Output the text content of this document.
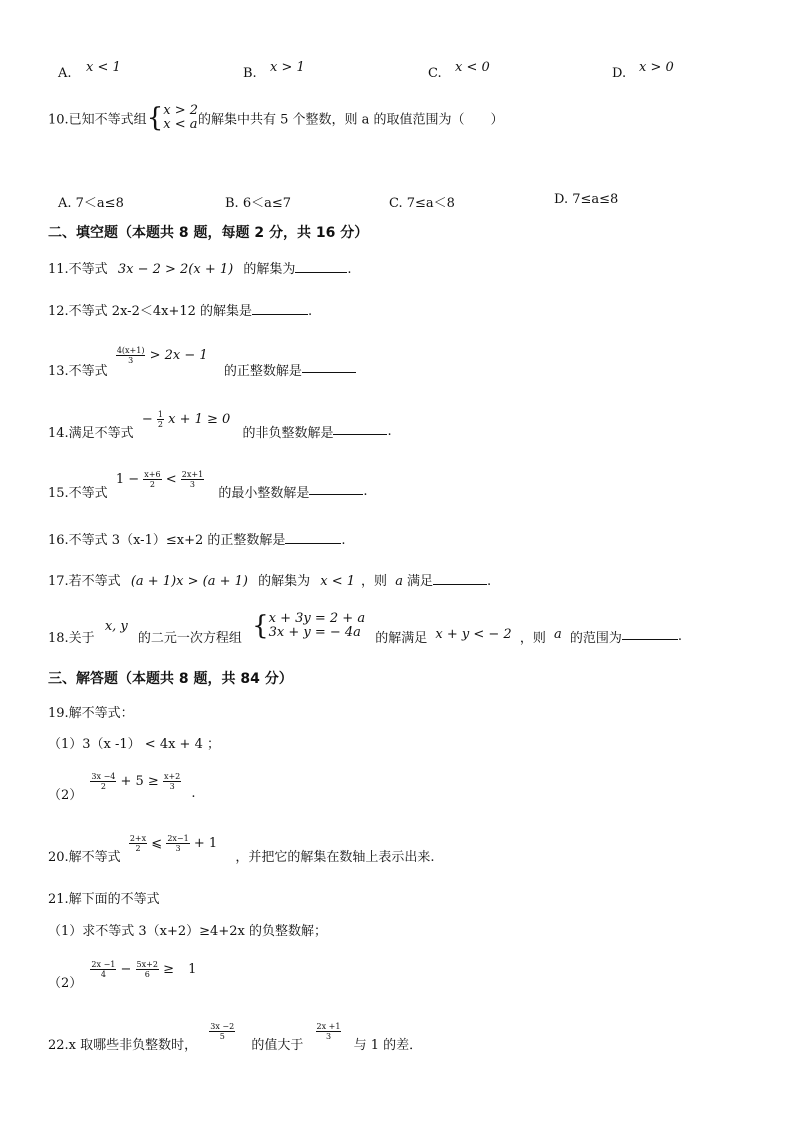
A. x < 1	B. x > 1	C. x < 0	D. x > 0
10.已知不等式组{ x > 2
x < a 的解集中共有 5 个整数，则 a 的取值范围为（　　）
A. 7＜a≤8	B. 6＜a≤7	C. 7≤a＜8	D. 7≤a≤8
二、填空题（本题共 8 题，每题 2 分，共 16 分）
11.不等式 3x − 2 > 2(x + 1) 的解集为	.
12.不等式 2x-2＜4x+12 的解集是	.
13.不等式
$\frac{4(x+1)}{3} > 2x - 1$ 的正整数解是
14.满足不等式 − $\frac{1}{2}$ x + 1 ≥ 0 的非负整数解是	.
15.不等式 $1 - \frac{x+6}{2} < \frac{2x+1}{3}$
的最小整数解是	.
16.不等式 3（x-1）≤x+2 的正整数解是	.
17.若不等式 (a + 1)x > (a + 1) 的解集为 x < 1 ，则 a 满足	.
18.关于 x, y 的二元一次方程组 { x + 3y = 2 + a
3x + y = − 4a	的解满足 x + y < − 2 ，则 a 的范围为	.
三、解答题（本题共 8 题，共 84 分）
19.解不等式：
（1）3（x -1） < 4x + 4 ；
（2）
$\frac{3x -4}{2} + 5 \ge \frac{x+2}{3}$
.
20.解不等式
$\frac{2+x}{2}$ ⩽ $\frac{2x-1}{3} + 1$ ，并把它的解集在数轴上表示出来.
21.解下面的不等式
（1）求不等式 3（x+2）≥4+2x 的负整数解；
（2）
$\frac{2x -1}{4} - \frac{5x+2}{6} \ge 1$
22.x 取哪些非负整数时，
$\frac{3x -2}{5}$
的值大于
$\frac{2x +1}{3}$
与 1 的差．
